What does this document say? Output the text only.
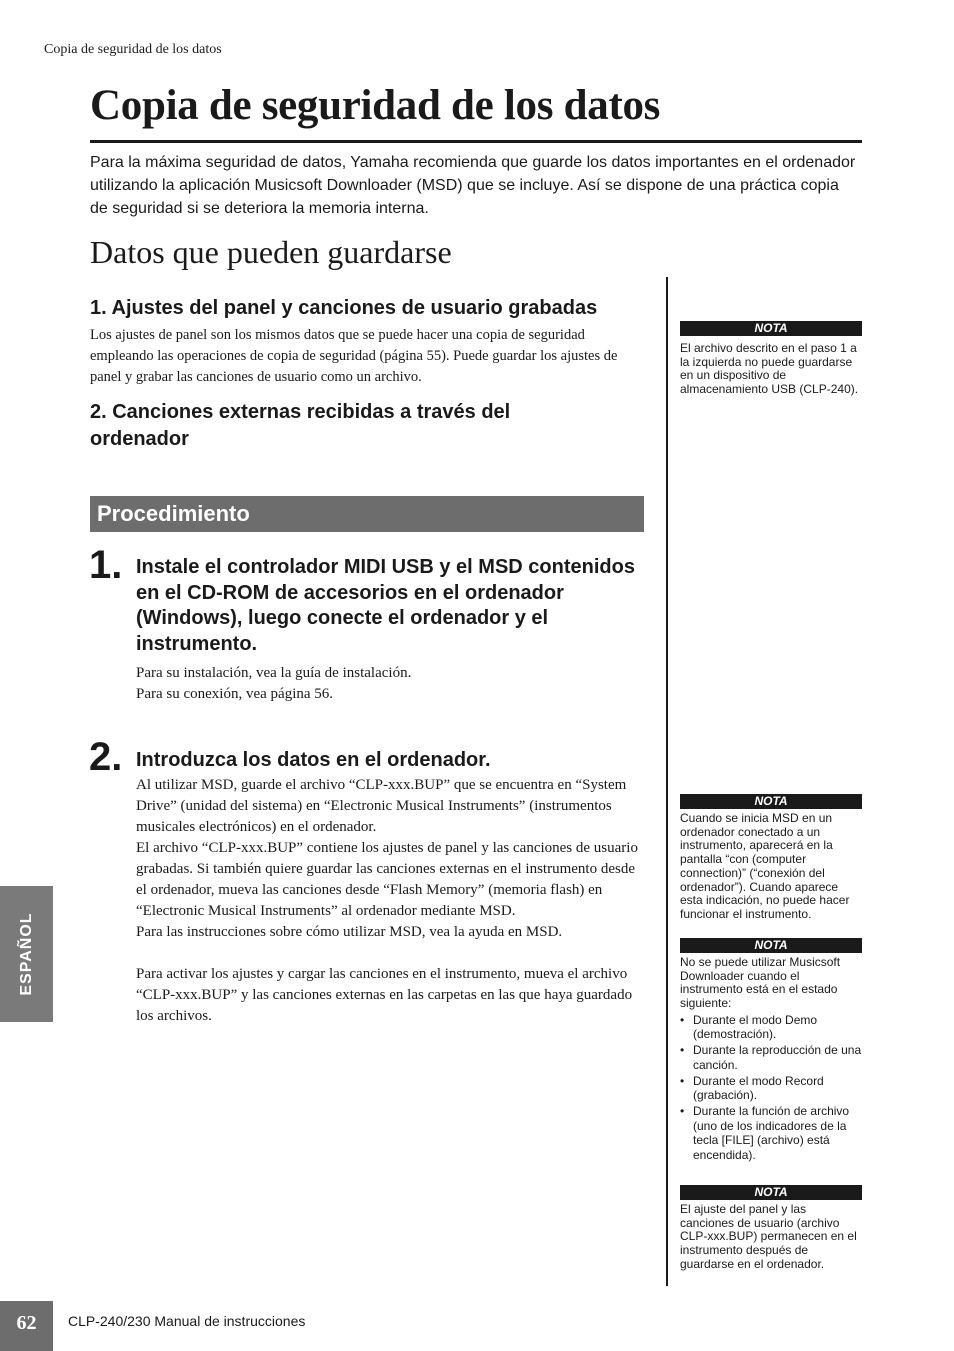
Copia de seguridad de los datos
Copia de seguridad de los datos

Para la máxima seguridad de datos, Yamaha recomienda que guarde los datos importantes en el ordenador utilizando la aplicación Musicsoft Downloader (MSD) que se incluye. Así se dispone de una práctica copia de seguridad si se deteriora la memoria interna.

Datos que pueden guardarse
1. Ajustes del panel y canciones de usuario grabadas

Los ajustes de panel son los mismos datos que se puede hacer una copia de seguridad empleando las operaciones de copia de seguridad (página 55). Puede guardar los ajustes de panel y grabar las canciones de usuario como un archivo.

2. Canciones externas recibidas a través del ordenador
Procedimiento
1. Instale el controlador MIDI USB y el MSD contenidos en el CD-ROM de accesorios en el ordenador (Windows), luego conecte el ordenador y el instrumento.

Para su instalación, vea la guía de instalación.

Para su conexión, vea página 56.

2. Introduzca los datos en el ordenador.

Al utilizar MSD, guarde el archivo “CLP-xxx.BUP” que se encuentra en “System Drive” (unidad del sistema) en “Electronic Musical Instruments” (instrumentos musicales electrónicos) en el ordenador.

El archivo “CLP-xxx.BUP” contiene los ajustes de panel y las canciones de usuario grabadas. Si también quiere guardar las canciones externas en el instrumento desde el ordenador, mueva las canciones desde “Flash Memory” (memoria flash) en “Electronic Musical Instruments” al ordenador mediante MSD.

Para las instrucciones sobre cómo utilizar MSD, vea la ayuda en MSD.

Para activar los ajustes y cargar las canciones en el instrumento, mueva el archivo “CLP-xxx.BUP” y las canciones externas en las carpetas en las que haya guardado los archivos.

NOTA

El archivo descrito en el paso 1 a la izquierda no puede guardarse en un dispositivo de almacenamiento USB (CLP-240).

NOTA

Cuando se inicia MSD en un ordenador conectado a un instrumento, aparecerá en la pantalla “con (computer connection)” (“conexión del ordenador”). Cuando aparece esta indicación, no puede hacer funcionar el instrumento.

NOTA

No se puede utilizar Musicsoft Downloader cuando el instrumento está en el estado siguiente:

• Durante el modo Demo (demostración).
• Durante la reproducción de una canción.
• Durante el modo Record (grabación).
• Durante la función de archivo (uno de los indicadores de la tecla [FILE] (archivo) está encendida).
NOTA

El ajuste del panel y las canciones de usuario (archivo CLP-xxx.BUP) permanecen en el instrumento después de guardarse en el ordenador.

ESPAÑOL
62	CLP-240/230 Manual de instrucciones
